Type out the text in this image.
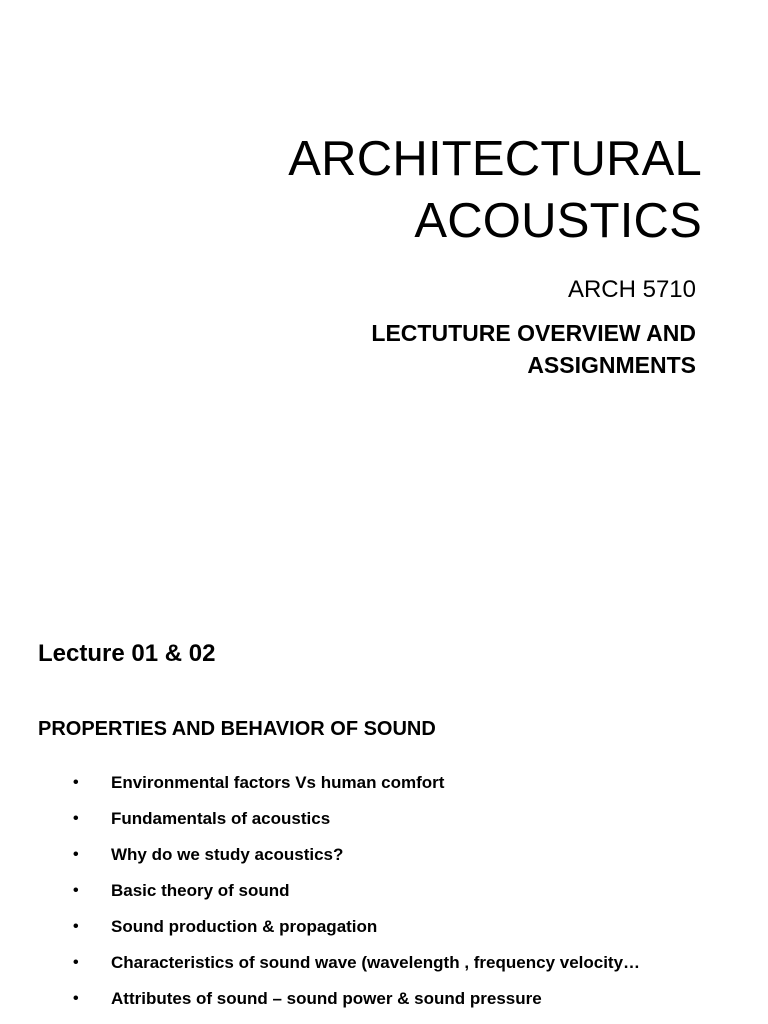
ARCHITECTURAL
ACOUSTICS
ARCH 5710
LECTUTURE OVERVIEW AND
ASSIGNMENTS
Lecture 01 & 02
PROPERTIES AND BEHAVIOR OF SOUND
• Environmental factors Vs human comfort
• Fundamentals of acoustics
• Why do we study acoustics?
• Basic theory of sound
• Sound production & propagation
• Characteristics of sound wave (wavelength , frequency velocity…
• Attributes of sound – sound power & sound pressure
